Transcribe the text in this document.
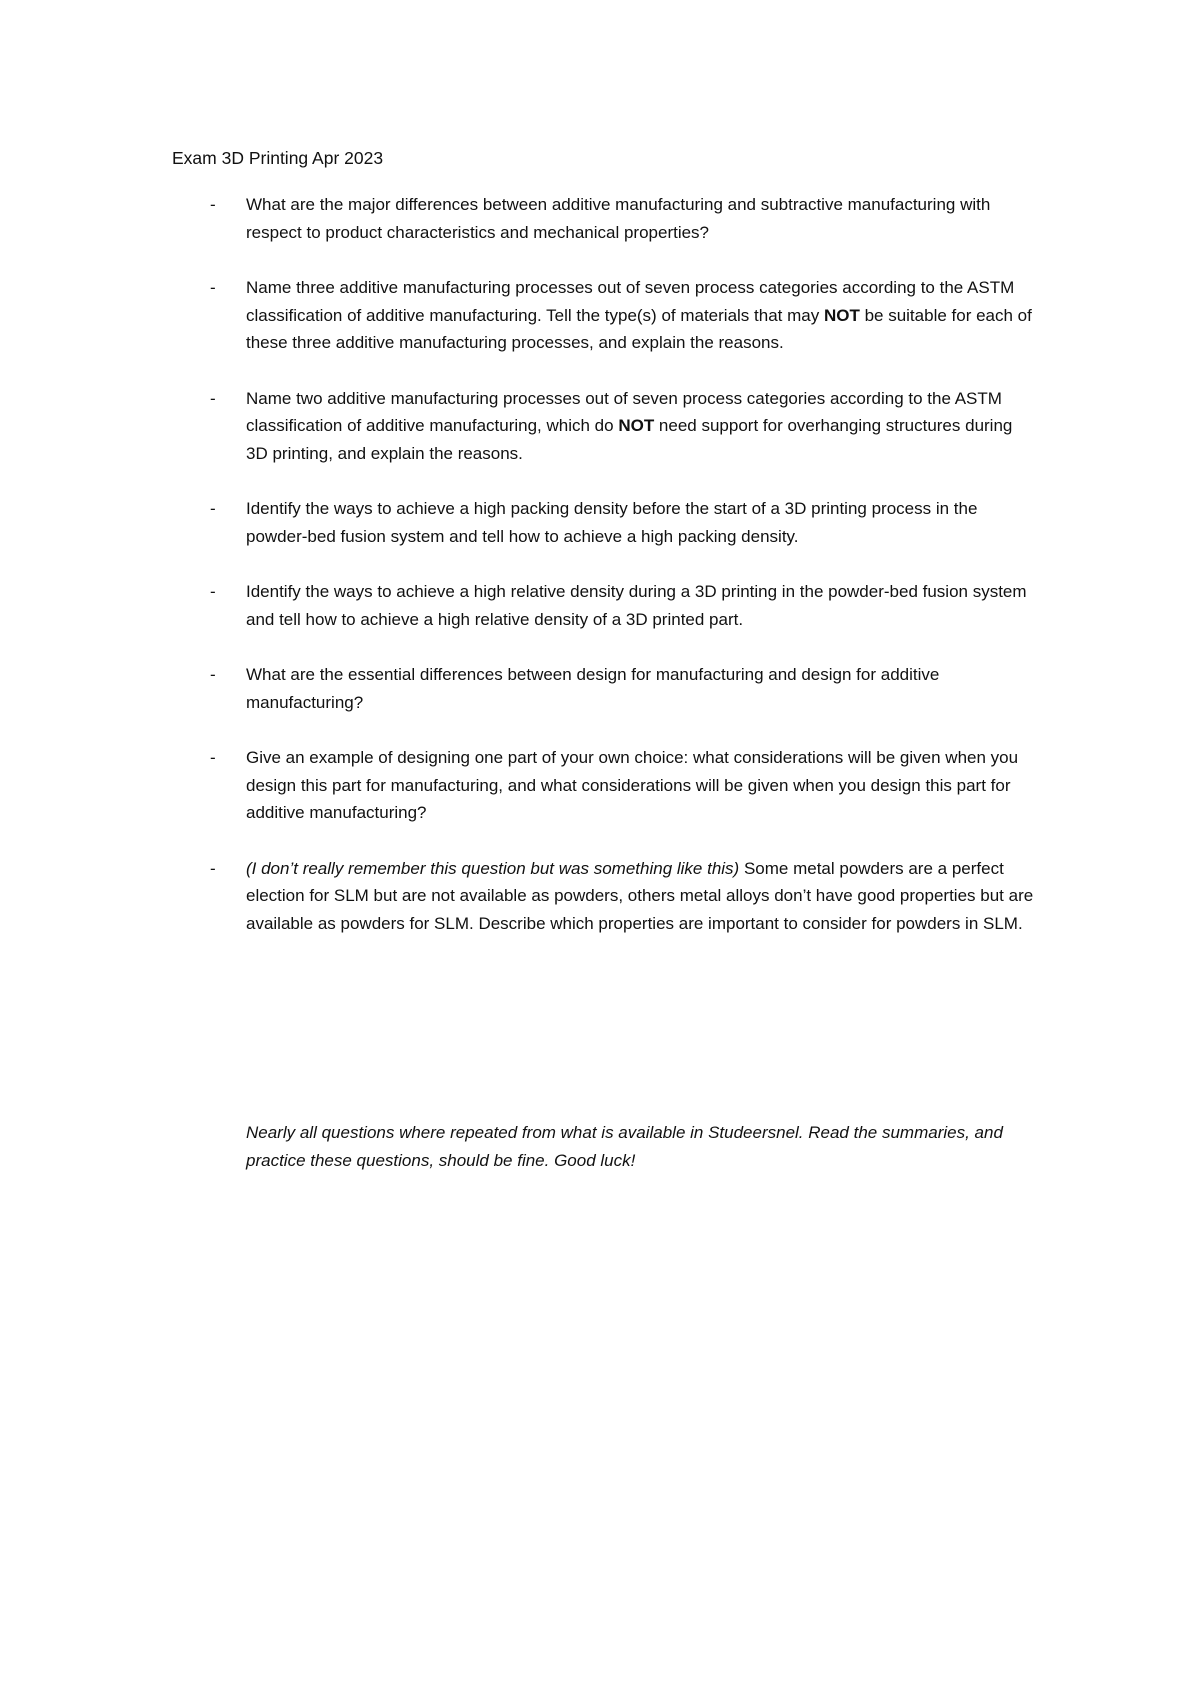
Exam 3D Printing Apr 2023
- What are the major differences between additive manufacturing and subtractive manufacturing with respect to product characteristics and mechanical properties?
- Name three additive manufacturing processes out of seven process categories according to the ASTM classification of additive manufacturing. Tell the type(s) of materials that may NOT be suitable for each of these three additive manufacturing processes, and explain the reasons.
- Name two additive manufacturing processes out of seven process categories according to the ASTM classification of additive manufacturing, which do NOT need support for overhanging structures during 3D printing, and explain the reasons.
- Identify the ways to achieve a high packing density before the start of a 3D printing process in the powder-bed fusion system and tell how to achieve a high packing density.
- Identify the ways to achieve a high relative density during a 3D printing in the powder-bed fusion system and tell how to achieve a high relative density of a 3D printed part.
- What are the essential differences between design for manufacturing and design for additive manufacturing?
- Give an example of designing one part of your own choice: what considerations will be given when you design this part for manufacturing, and what considerations will be given when you design this part for additive manufacturing?
- (I don’t really remember this question but was something like this) Some metal powders are a perfect election for SLM but are not available as powders, others metal alloys don’t have good properties but are available as powders for SLM. Describe which properties are important to consider for powders in SLM.

Nearly all questions where repeated from what is available in Studeersnel. Read the summaries, and practice these questions, should be fine. Good luck!
